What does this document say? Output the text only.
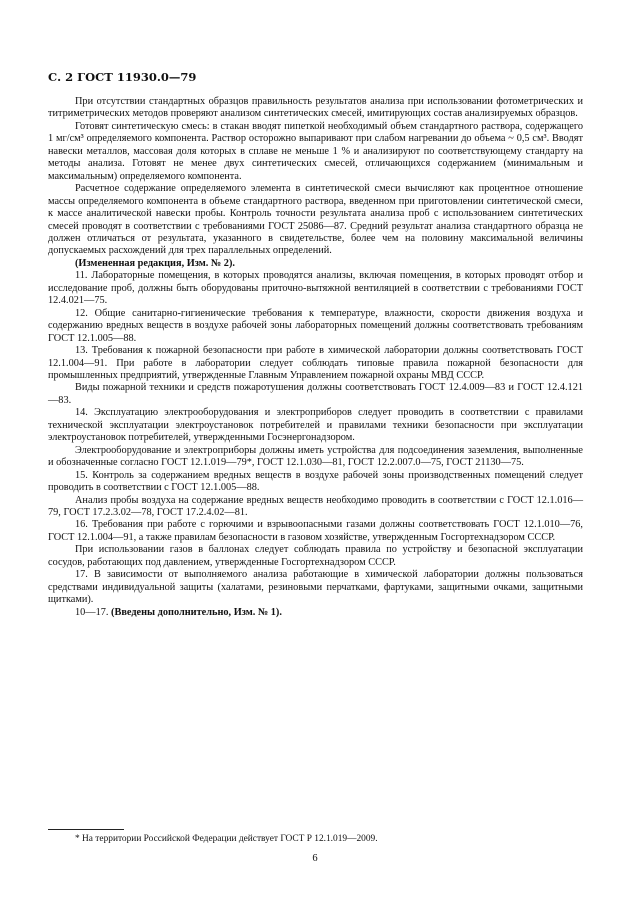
С. 2 ГОСТ 11930.0—79

При отсутствии стандартных образцов правильность результатов анализа при использовании фотометрических и титриметрических методов проверяют анализом синтетических смесей, имитирующих состав анализируемых образцов.

Готовят синтетическую смесь: в стакан вводят пипеткой необходимый объем стандартного раствора, содержащего 1 мг/см³ определяемого компонента. Раствор осторожно выпаривают при слабом нагревании до объема ~ 0,5 см³. Вводят навески металлов, массовая доля которых в сплаве не меньше 1 % и анализируют по соответствующему стандарту на методы анализа. Готовят не менее двух синтетических смесей, отличающихся содержанием (минимальным и максимальным) определяемого компонента.

Расчетное содержание определяемого элемента в синтетической смеси вычисляют как процентное отношение массы определяемого компонента в объеме стандартного раствора, введенном при приготовлении синтетической смеси, к массе аналитической навески пробы. Контроль точности результата анализа проб с использованием синтетических смесей проводят в соответствии с требованиями ГОСТ 25086—87. Средний результат анализа стандартного образца не должен отличаться от результата, указанного в свидетельстве, более чем на половину максимальной величины допускаемых расхождений для трех параллельных определений.

(Измененная редакция, Изм. № 2).

11. Лабораторные помещения, в которых проводятся анализы, включая помещения, в которых проводят отбор и исследование проб, должны быть оборудованы приточно-вытяжной вентиляцией в соответствии с требованиями ГОСТ 12.4.021—75.

12. Общие санитарно-гигиенические требования к температуре, влажности, скорости движения воздуха и содержанию вредных веществ в воздухе рабочей зоны лабораторных помещений должны соответствовать требованиям ГОСТ 12.1.005—88.

13. Требования к пожарной безопасности при работе в химической лаборатории должны соответствовать ГОСТ 12.1.004—91. При работе в лаборатории следует соблюдать типовые правила пожарной безопасности для промышленных предприятий, утвержденные Главным Управлением пожарной охраны МВД СССР.

Виды пожарной техники и средств пожаротушения должны соответствовать ГОСТ 12.4.009—83 и ГОСТ 12.4.121—83.

14. Эксплуатацию электрооборудования и электроприборов следует проводить в соответствии с правилами технической эксплуатации электроустановок потребителей и правилами техники безопасности при эксплуатации электроустановок потребителей, утвержденными Госэнергонадзором.

Электрооборудование и электроприборы должны иметь устройства для подсоединения заземления, выполненные и обозначенные согласно ГОСТ 12.1.019—79*, ГОСТ 12.1.030—81, ГОСТ 12.2.007.0—75, ГОСТ 21130—75.

15. Контроль за содержанием вредных веществ в воздухе рабочей зоны производственных помещений следует проводить в соответствии с ГОСТ 12.1.005—88.

Анализ пробы воздуха на содержание вредных веществ необходимо проводить в соответствии с ГОСТ 12.1.016—79, ГОСТ 17.2.3.02—78, ГОСТ 17.2.4.02—81.

16. Требования при работе с горючими и взрывоопасными газами должны соответствовать ГОСТ 12.1.010—76, ГОСТ 12.1.004—91, а также правилам безопасности в газовом хозяйстве, утвержденным Госгортехнадзором СССР.

При использовании газов в баллонах следует соблюдать правила по устройству и безопасной эксплуатации сосудов, работающих под давлением, утвержденные Госгортехнадзором СССР.

17. В зависимости от выполняемого анализа работающие в химической лаборатории должны пользоваться средствами индивидуальной защиты (халатами, резиновыми перчатками, фартуками, защитными очками, защитными щитками).

10—17. (Введены дополнительно, Изм. № 1).

* На территории Российской Федерации действует ГОСТ Р 12.1.019—2009.
6
